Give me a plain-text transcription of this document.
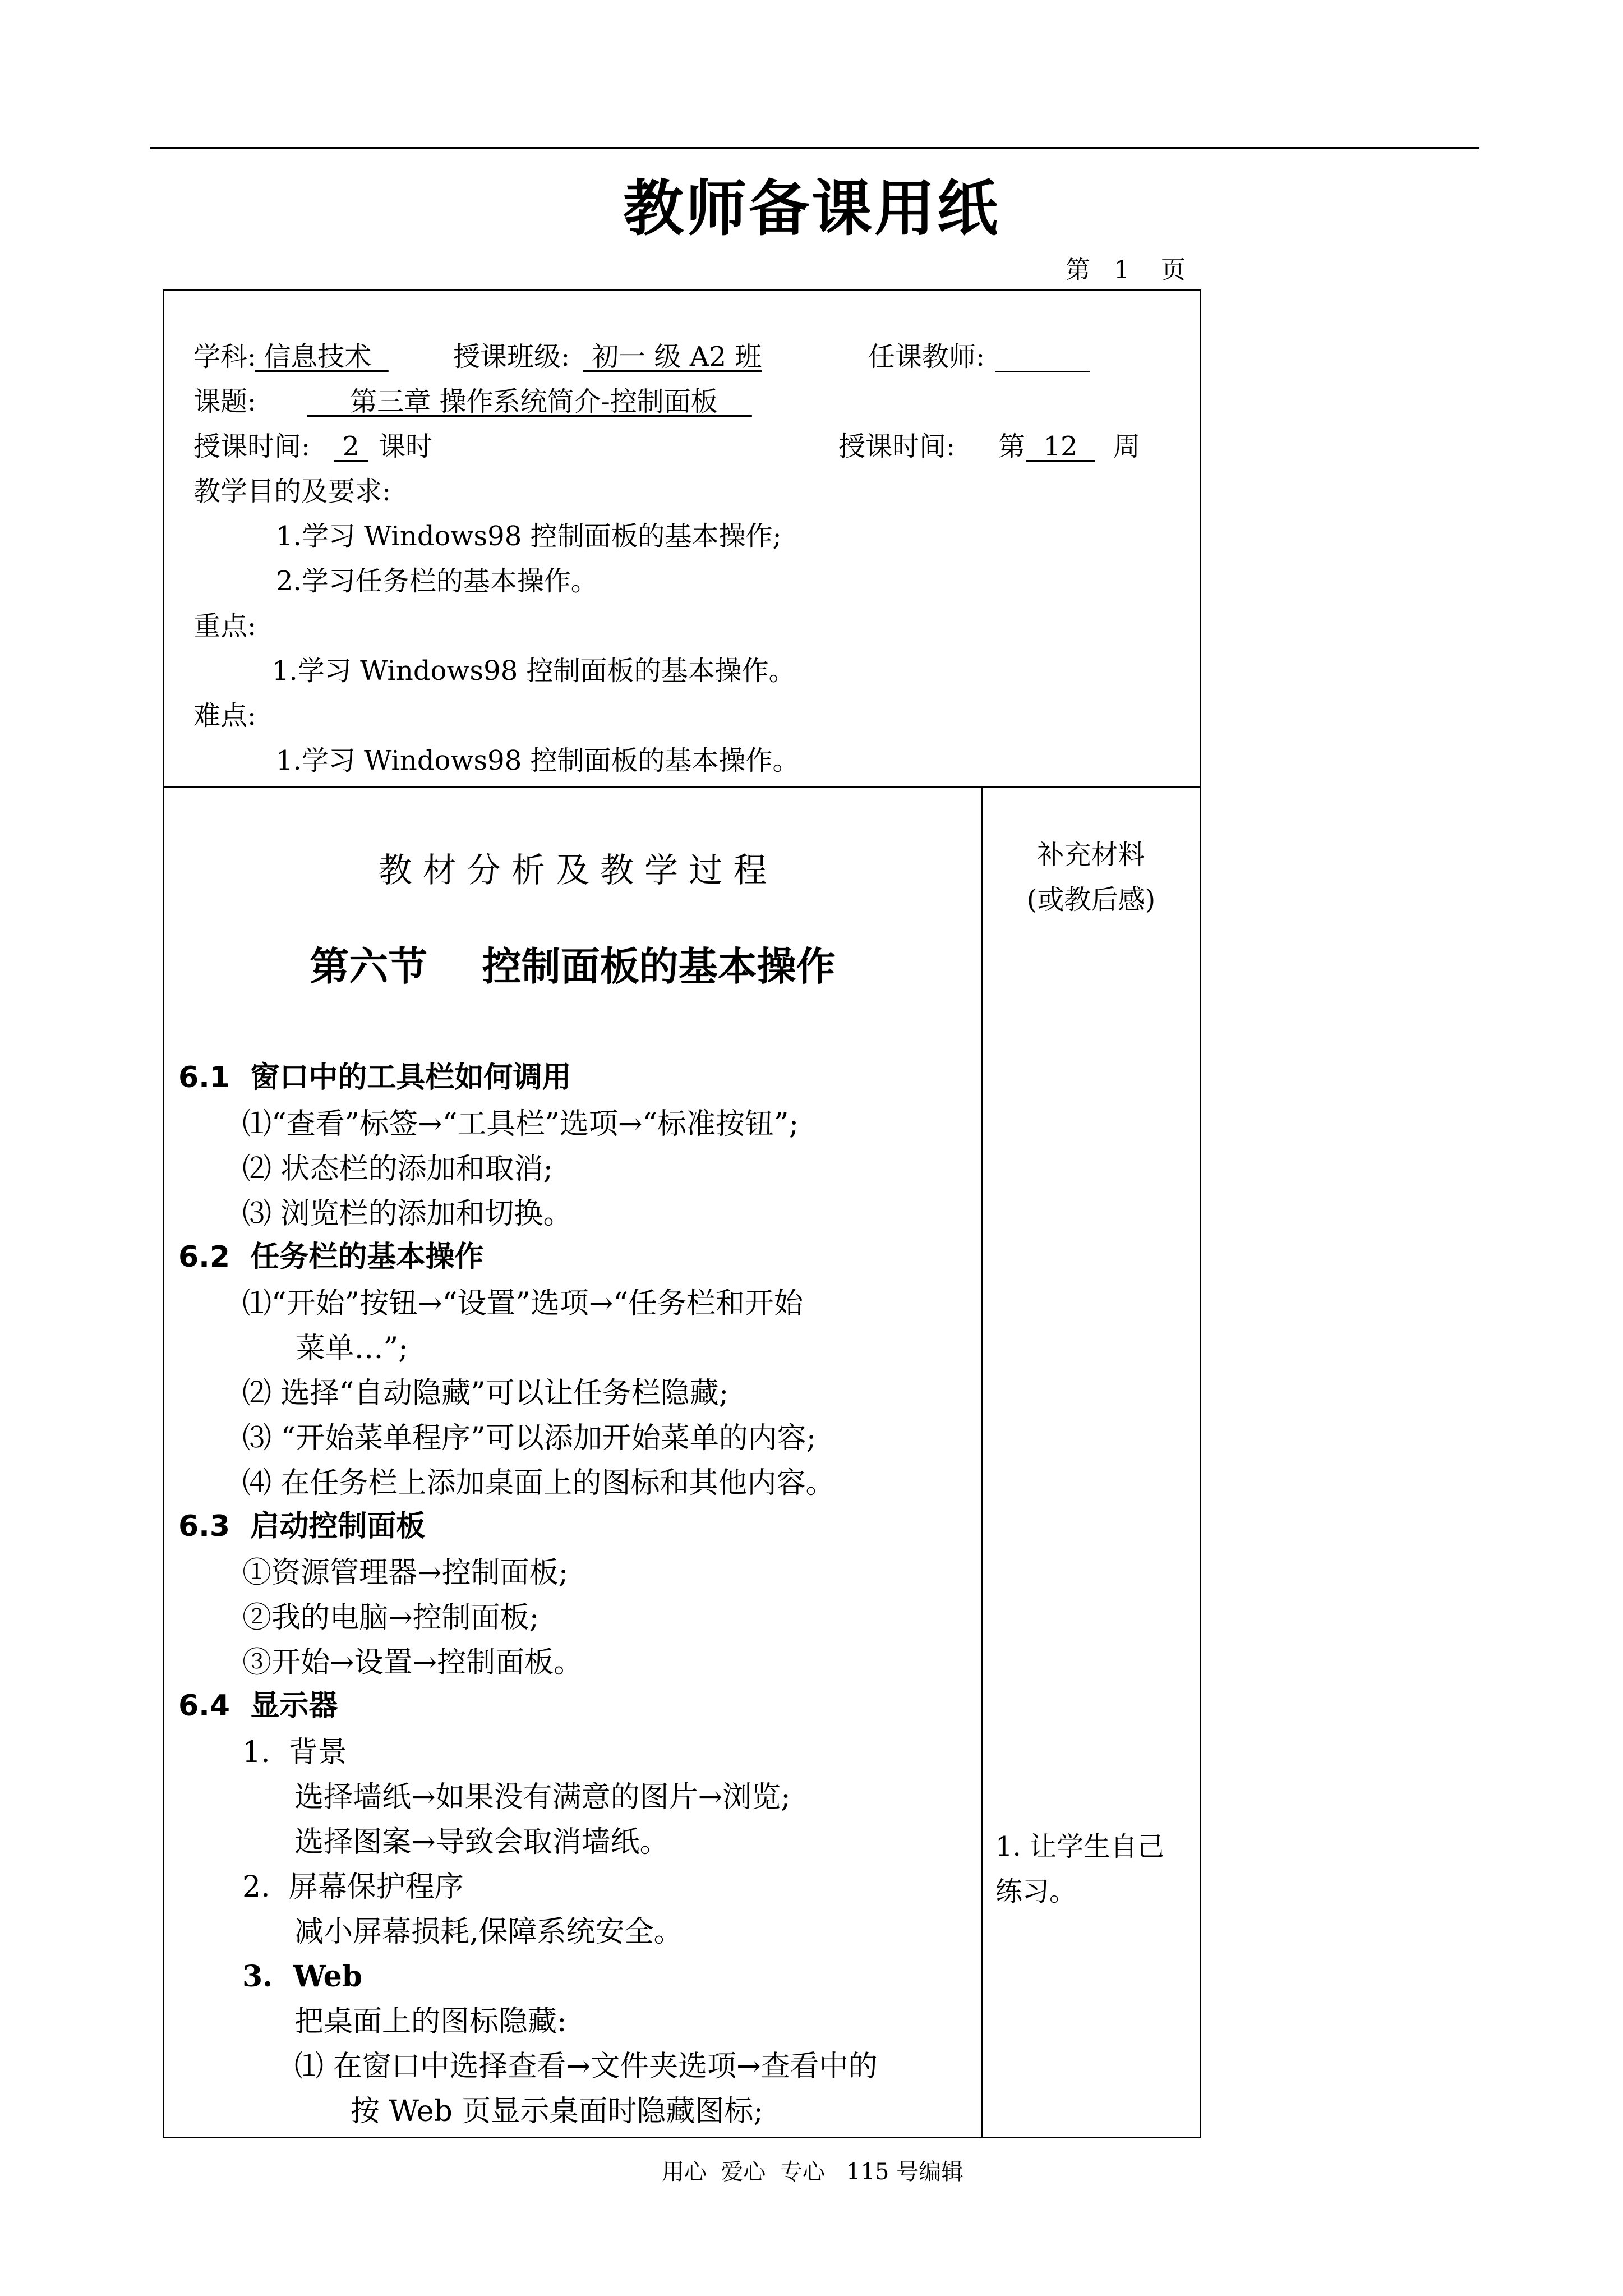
教师备课用纸
第   1    页
学科:
信息技术 授课班级: 初一 级 A2 班	任课教师: _______
课题: 第三章 操作系统简介-控制面板
授课时间: 2 课时	授课时间: 第 12 周
教学目的及要求:
1.学习 Windows98 控制面板的基本操作;
2.学习任务栏的基本操作。
重点:
1.学习 Windows98 控制面板的基本操作。
难点:
1.学习 Windows98 控制面板的基本操作。
教 材 分 析 及 教 学 过 程
第六节    控制面板的基本操作
6.1  窗口中的工具栏如何调用
⑴“查看”标签→“工具栏”选项→“标准按钮”;
⑵ 状态栏的添加和取消;
⑶ 浏览栏的添加和切换。
6.2  任务栏的基本操作
⑴“开始”按钮→“设置”选项→“任务栏和开始
菜单…”;
⑵ 选择“自动隐藏”可以让任务栏隐藏;
⑶ “开始菜单程序”可以添加开始菜单的内容;
⑷ 在任务栏上添加桌面上的图标和其他内容。
6.3  启动控制面板
①资源管理器→控制面板;
②我的电脑→控制面板;
③开始→设置→控制面板。
6.4  显示器
1.  背景
选择墙纸→如果没有满意的图片→浏览;
选择图案→导致会取消墙纸。
2.  屏幕保护程序
减小屏幕损耗,保障系统安全。
3.  Web
把桌面上的图标隐藏:
⑴ 在窗口中选择查看→文件夹选项→查看中的
按 Web 页显示桌面时隐藏图标;
补充材料
(或教后感)
1. 让学生自己
练习。
用心  爱心  专心   115 号编辑
